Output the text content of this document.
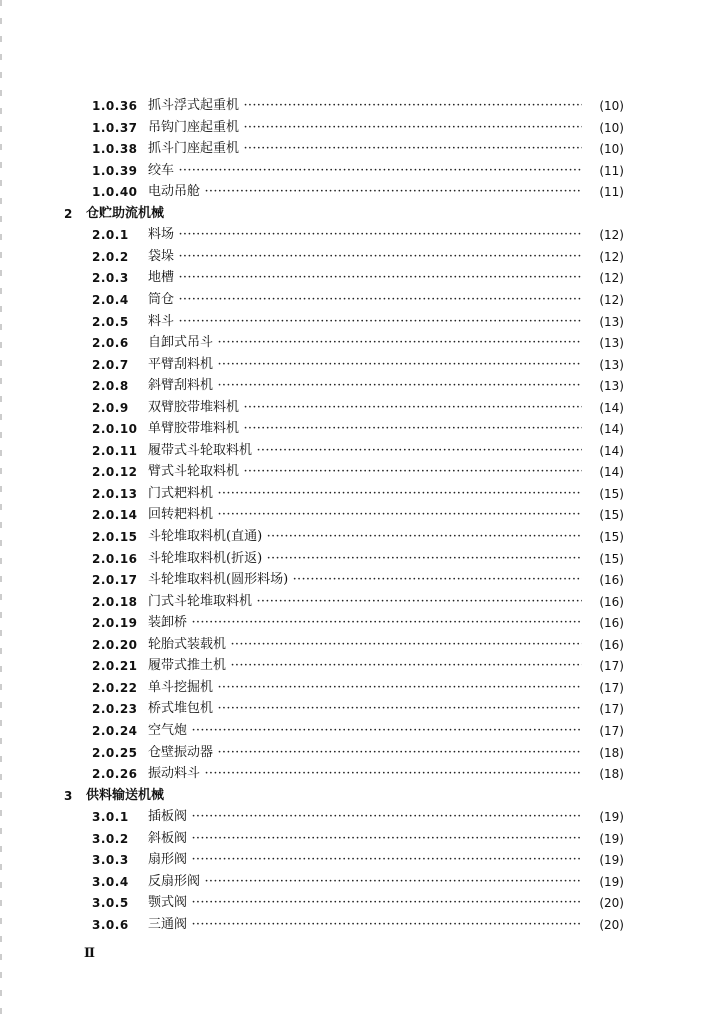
1.0.36 抓斗浮式起重机 ·····	(10)
1.0.37 吊钩门座起重机 ·····	(10)
1.0.38 抓斗门座起重机 ·····	(10)
1.0.39 绞车 ·····	(11)
1.0.40 电动吊舱 ·····	(11)
2 仓贮助流机械
2.0.1	料场 ·····	(12)
2.0.2	袋垛 ·····	(12)
2.0.3	地槽 ·····	(12)
2.0.4	筒仓 ·····	(12)
2.0.5	料斗 ·····	(13)
2.0.6	自卸式吊斗 ·····	(13)
2.0.7	平臂刮料机 ·····	(13)
2.0.8	斜臂刮料机 ·····	(13)
2.0.9	双臂胶带堆料机 ·····	(14)
2.0.10 单臂胶带堆料机 ·····	(14)
2.0.11 履带式斗轮取料机 ·····	(14)
2.0.12 臂式斗轮取料机 ·····	(14)
2.0.13 门式耙料机 ·····	(15)
2.0.14 回转耙料机 ·····	(15)
2.0.15 斗轮堆取料机(直通) ·····	(15)
2.0.16 斗轮堆取料机(折返) ·····	(15)
2.0.17 斗轮堆取料机(圆形料场) ·····	(16)
2.0.18 门式斗轮堆取料机 ·····	(16)
2.0.19 装卸桥 ·····	(16)
2.0.20 轮胎式装载机 ·····	(16)
2.0.21 履带式推土机 ·····	(17)
2.0.22 单斗挖掘机 ·····	(17)
2.0.23 桥式堆包机 ·····	(17)
2.0.24 空气炮 ·····	(17)
2.0.25 仓壁振动器 ·····	(18)
2.0.26 振动料斗 ·····	(18)
3 供料输送机械
3.0.1	插板阀 ·····	(19)
3.0.2	斜板阀 ·····	(19)
3.0.3	扇形阀 ·····	(19)
3.0.4	反扇形阀 ·····	(19)
3.0.5	颚式阀 ·····	(20)
3.0.6	三通阀 ·····	(20)
Ⅱ
